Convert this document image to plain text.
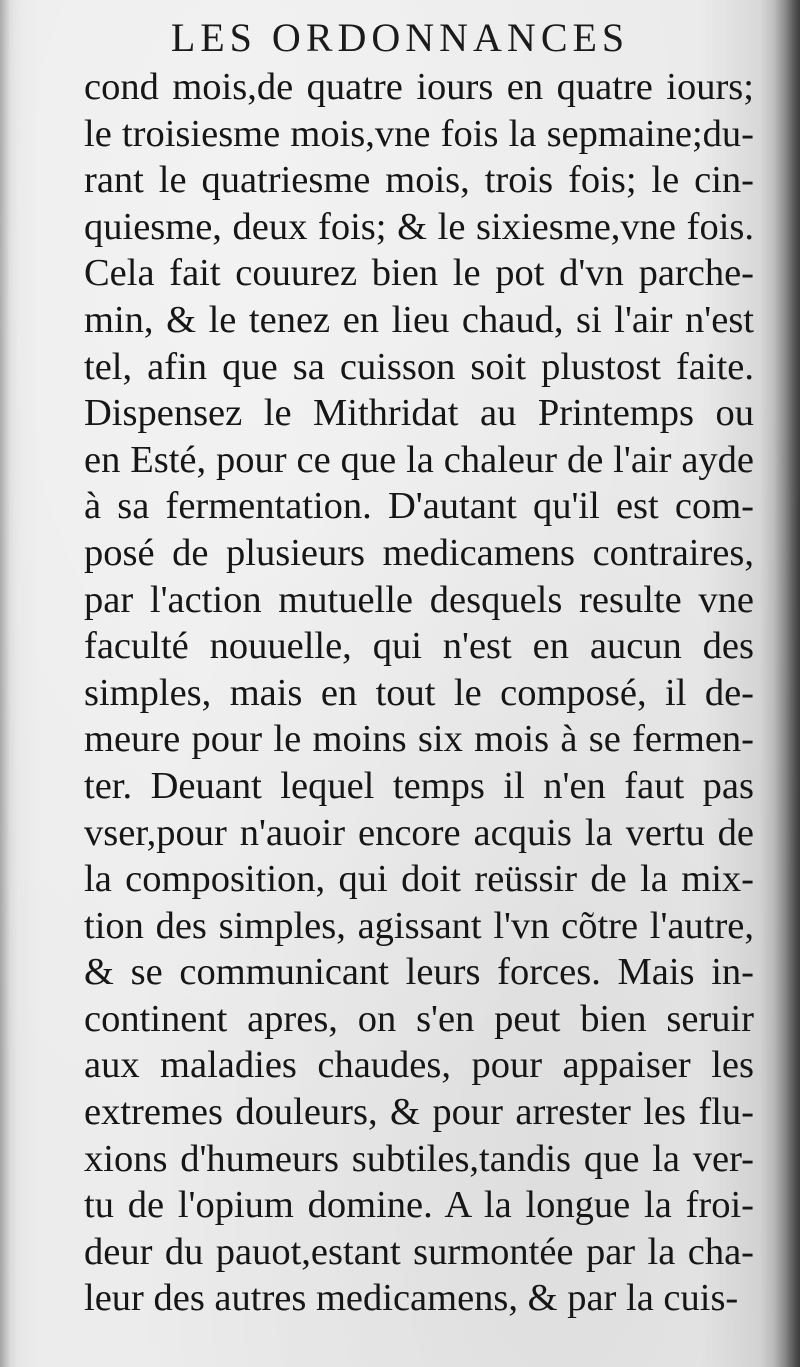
LES ORDONNANCES
cond mois,de quatre iours en quatre iours;
le troisiesme mois,vne fois la sepmaine;du-
rant le quatriesme mois, trois fois; le cin-
quiesme, deux fois; & le sixiesme,vne fois.
Cela fait couurez bien le pot d'vn parche-
min, & le tenez en lieu chaud, si l'air n'est
tel, afin que sa cuisson soit plustost faite.
Dispensez le Mithridat au Printemps ou
en Esté, pour ce que la chaleur de l'air ayde
à sa fermentation. D'autant qu'il est com-
posé de plusieurs medicamens contraires,
par l'action mutuelle desquels resulte vne
faculté nouuelle, qui n'est en aucun des
simples, mais en tout le composé, il de-
meure pour le moins six mois à se fermen-
ter. Deuant lequel temps il n'en faut pas
vser,pour n'auoir encore acquis la vertu de
la composition, qui doit reüssir de la mix-
tion des simples, agissant l'vn cõtre l'autre,
& se communicant leurs forces. Mais in-
continent apres, on s'en peut bien seruir
aux maladies chaudes, pour appaiser les
extremes douleurs, & pour arrester les flu-
xions d'humeurs subtiles,tandis que la ver-
tu de l'opium domine. A la longue la froi-
deur du pauot,estant surmontée par la cha-
leur des autres medicamens, & par la cuis-
